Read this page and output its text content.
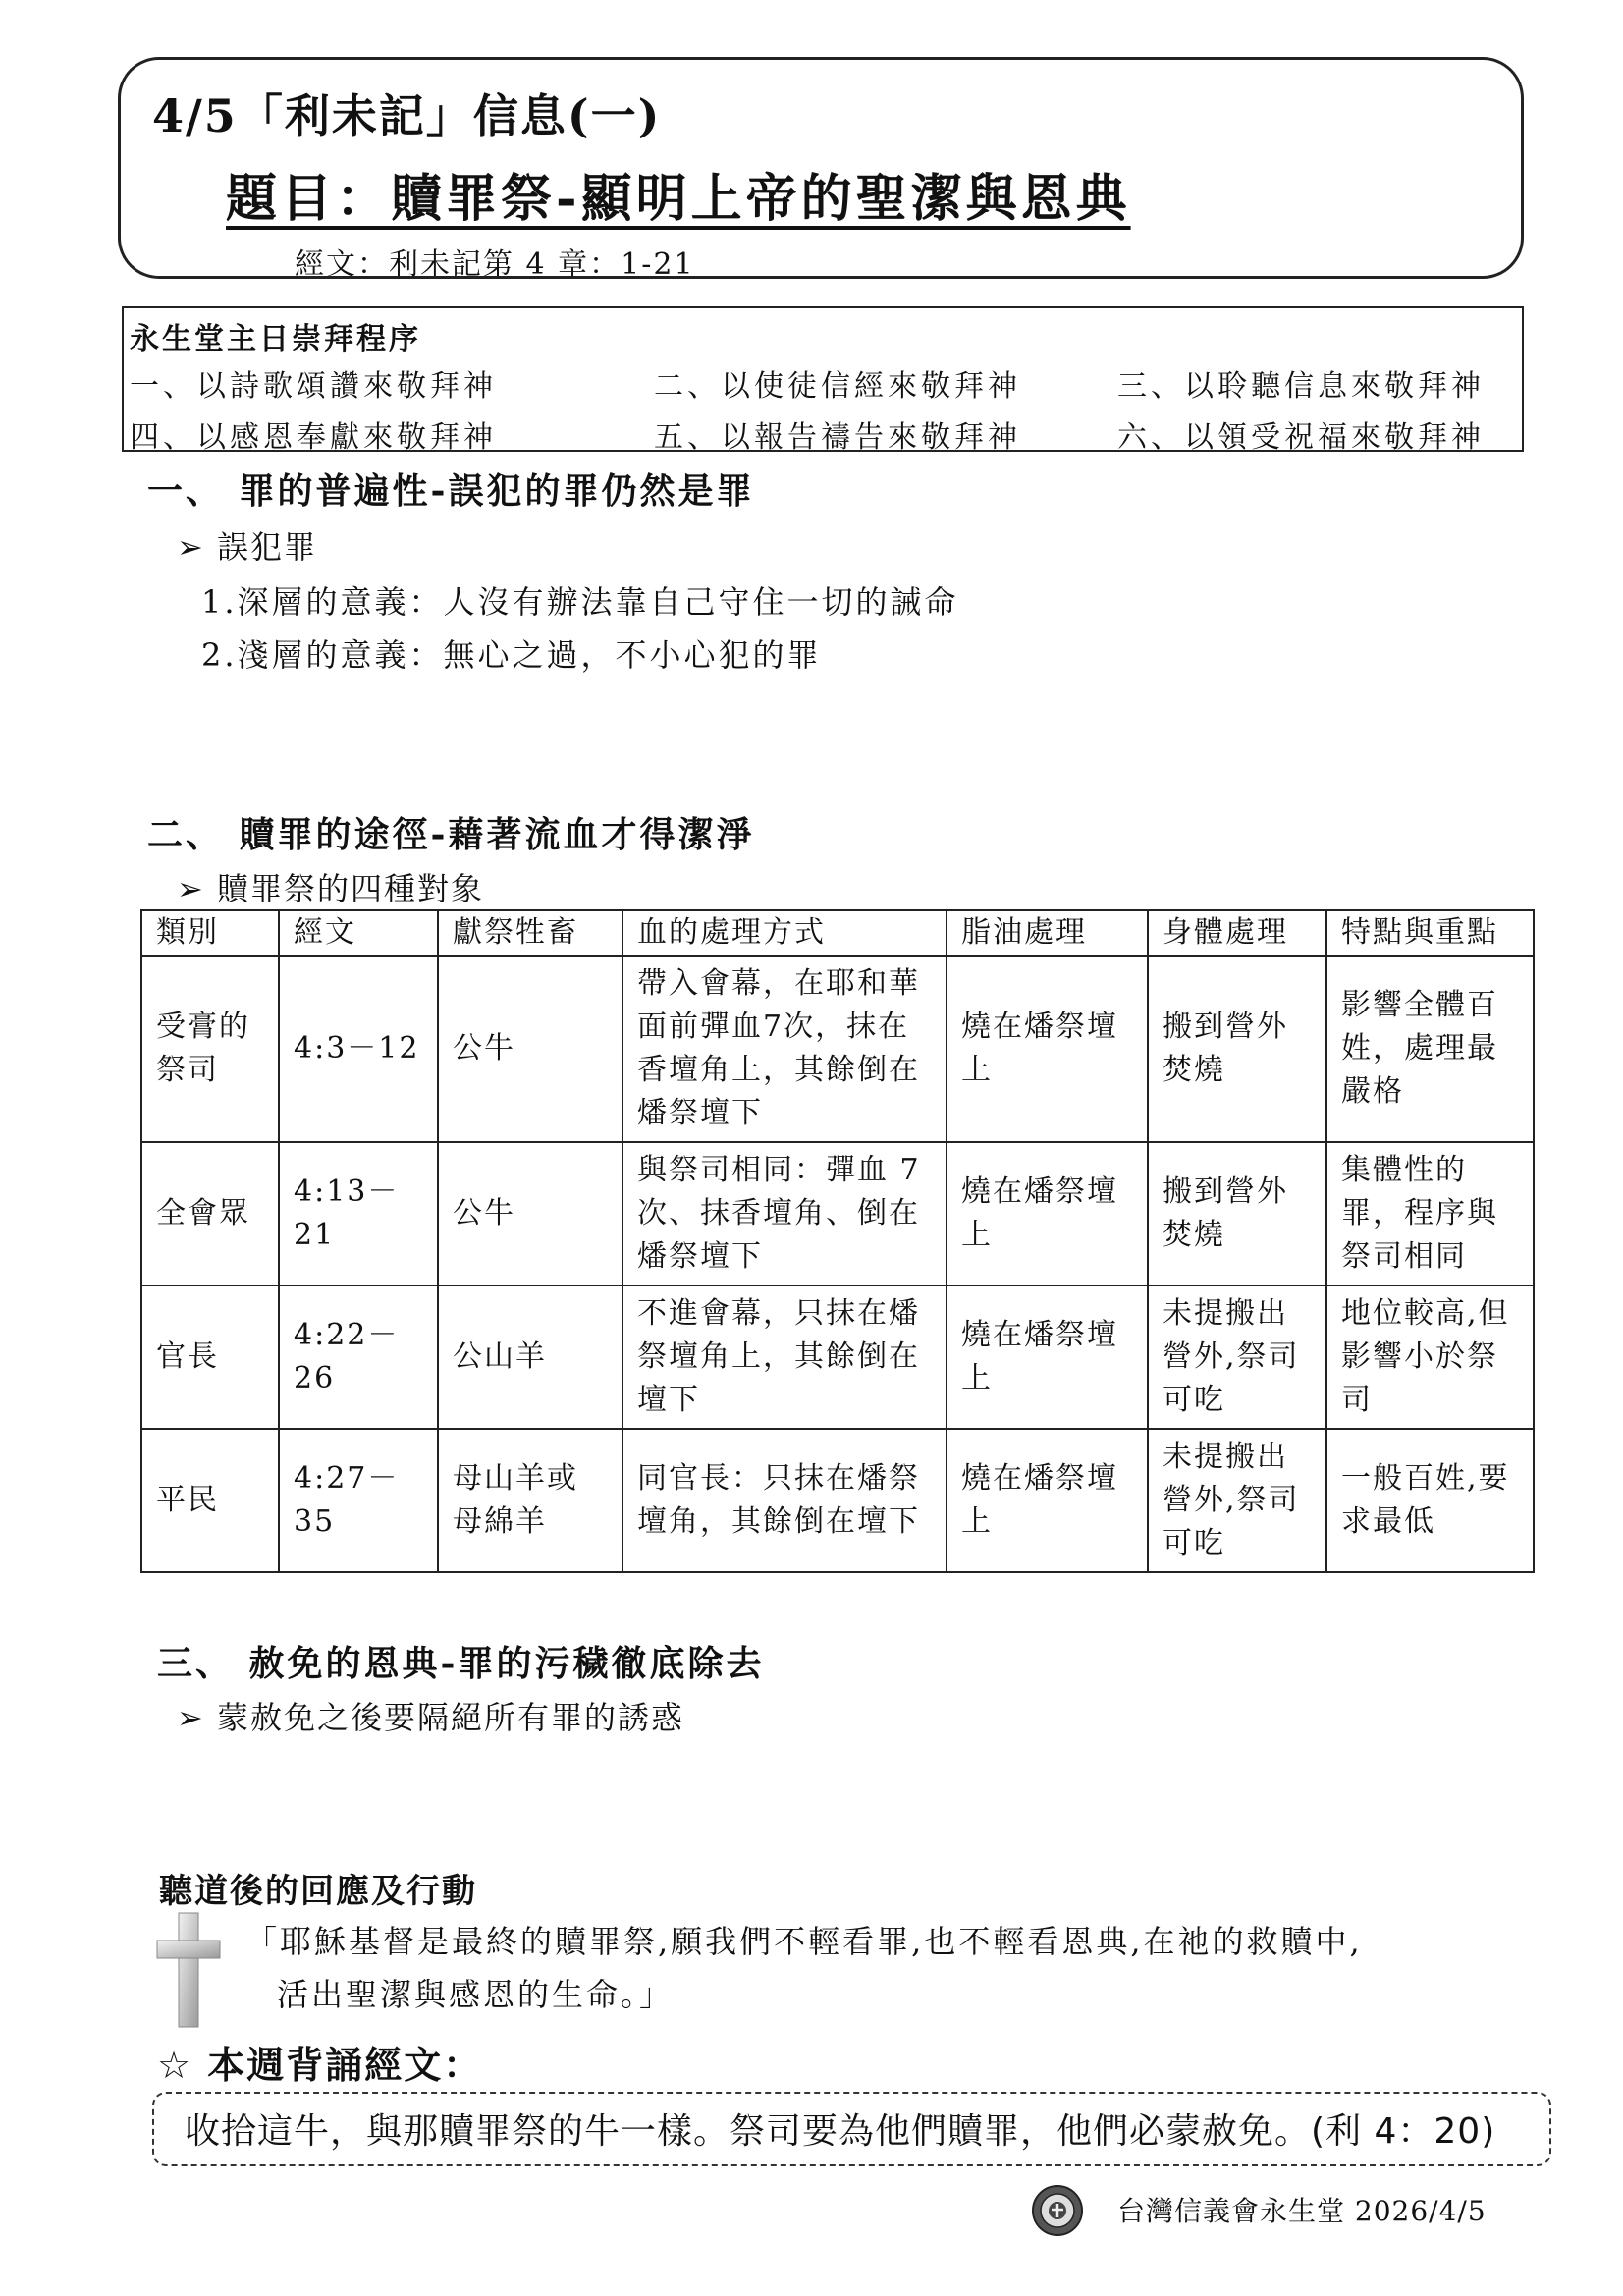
4/5「利未記」信息(一)
題目：贖罪祭-顯明上帝的聖潔與恩典
經文：利未記第 4 章：1-21
永生堂主日崇拜程序
一、以詩歌頌讚來敬拜神	二、以使徒信經來敬拜神	三、以聆聽信息來敬拜神
四、以感恩奉獻來敬拜神	五、以報告禱告來敬拜神	六、以領受祝福來敬拜神
一、 罪的普遍性-誤犯的罪仍然是罪
➢ 誤犯罪
1.深層的意義：人沒有辦法靠自己守住一切的誡命
2.淺層的意義：無心之過，不小心犯的罪
二、 贖罪的途徑-藉著流血才得潔淨
➢ 贖罪祭的四種對象
類別	經文	獻祭牲畜	血的處理方式	脂油處理	身體處理	特點與重點
受膏的祭司	4:3－12	公牛	帶入會幕，在耶和華面前彈血7次，抹在香壇角上，其餘倒在燔祭壇下	燒在燔祭壇上	搬到營外焚燒	影響全體百姓，處理最嚴格
全會眾	4:13－21	公牛	與祭司相同：彈血 7 次、抹香壇角、倒在燔祭壇下	燒在燔祭壇上	搬到營外焚燒	集體性的罪，程序與祭司相同
官長	4:22－26	公山羊	不進會幕，只抹在燔祭壇角上，其餘倒在壇下	燒在燔祭壇上	未提搬出營外,祭司可吃	地位較高,但影響小於祭司
平民	4:27－35	母山羊或母綿羊	同官長：只抹在燔祭壇角，其餘倒在壇下	燒在燔祭壇上	未提搬出營外,祭司可吃	一般百姓,要求最低
三、 赦免的恩典-罪的污穢徹底除去
➢ 蒙赦免之後要隔絕所有罪的誘惑
聽道後的回應及行動
「耶穌基督是最終的贖罪祭,願我們不輕看罪,也不輕看恩典,在祂的救贖中,
活出聖潔與感恩的生命。」
☆ 本週背誦經文：
收拾這牛，與那贖罪祭的牛一樣。祭司要為他們贖罪，他們必蒙赦免。(利 4：20)
台灣信義會永生堂 2026/4/5
